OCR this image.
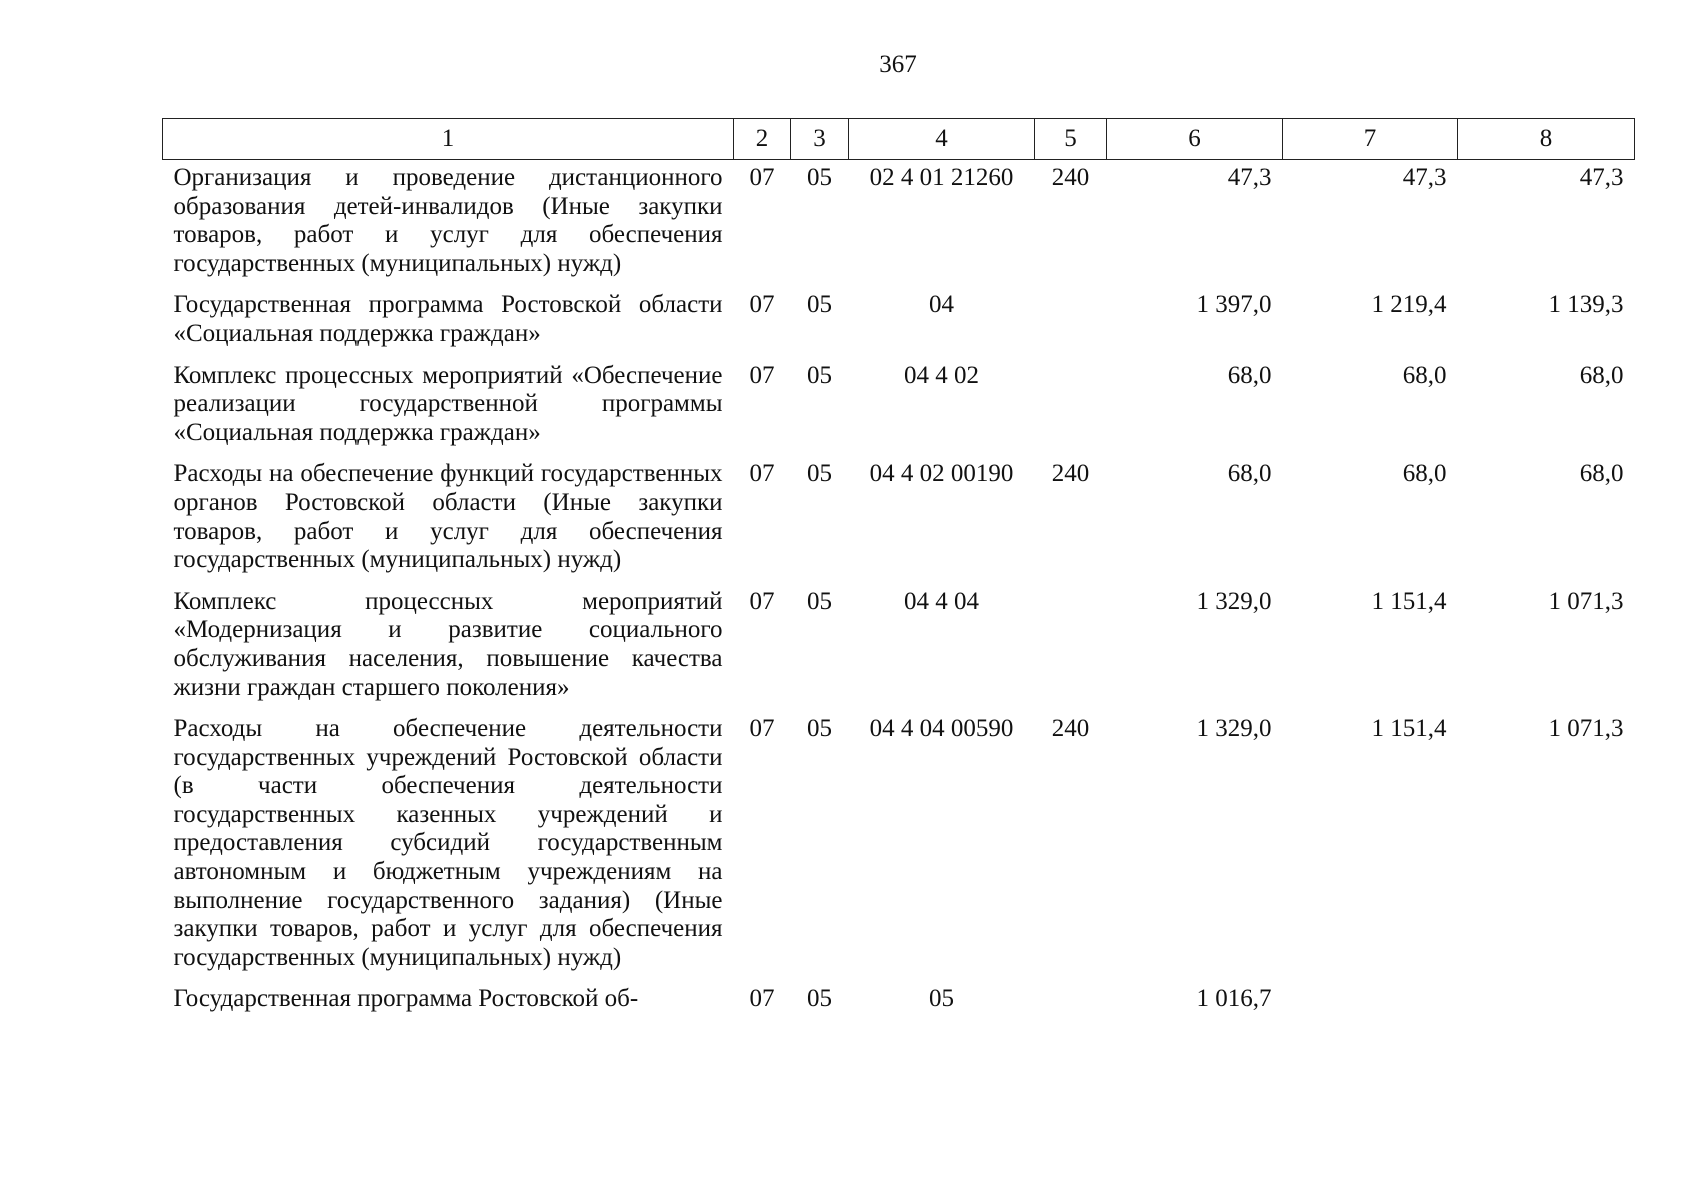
367
1	2	3	4	5	6	7	8
Организация и проведение дистанционного образования детей-инвалидов (Иные закупки товаров, работ и услуг для обеспечения государственных (муниципальных) нужд)	07	05	02 4 01 21260	240	47,3	47,3	47,3
Государственная программа Ростовской области «Социальная поддержка граждан»	07	05	04		1 397,0	1 219,4	1 139,3
Комплекс процессных мероприятий «Обеспечение реализации государственной программы «Социальная поддержка граждан»	07	05	04 4 02		68,0	68,0	68,0
Расходы на обеспечение функций государственных органов Ростовской области (Иные закупки товаров, работ и услуг для обеспечения государственных (муниципальных) нужд)	07	05	04 4 02 00190	240	68,0	68,0	68,0
Комплекс процессных мероприятий «Модернизация и развитие социального обслуживания населения, повышение качества жизни граждан старшего поколения»	07	05	04 4 04		1 329,0	1 151,4	1 071,3
Расходы на обеспечение деятельности государственных учреждений Ростовской области (в части обеспечения деятельности государственных казенных учреждений и предоставления субсидий государственным автономным и бюджетным учреждениям на выполнение государственного задания) (Иные закупки товаров, работ и услуг для обеспечения государственных (муниципальных) нужд)	07	05	04 4 04 00590	240	1 329,0	1 151,4	1 071,3
Государственная программа Ростовской об-	07	05	05		1 016,7		
